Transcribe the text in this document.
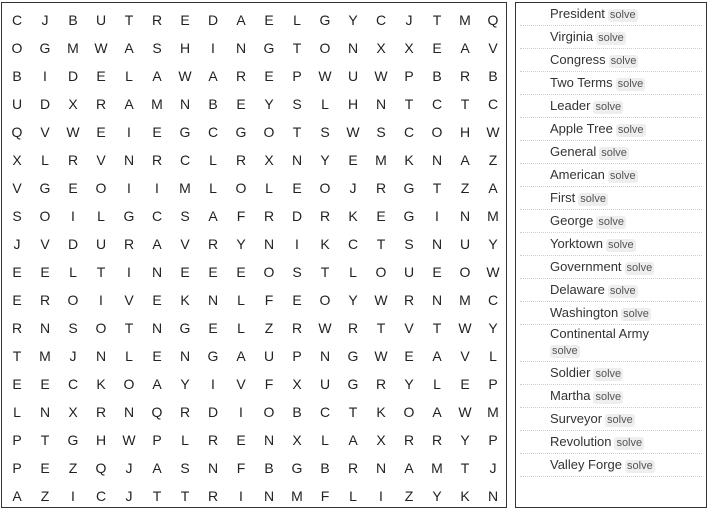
C	J	B	U	T	R	E	D	A	E	L	G	Y	C	J	T	M	Q
O	G	M	W	A	S	H	I	N	G	T	O	N	X	X	E	A	V
B	I	D	E	L	A	W	A	R	E	P	W	U	W	P	B	R	B
U	D	X	R	A	M	N	B	E	Y	S	L	H	N	T	C	T	C
Q	V	W	E	I	E	G	C	G	O	T	S	W	S	C	O	H	W
X	L	R	V	N	R	C	L	R	X	N	Y	E	M	K	N	A	Z
V	G	E	O	I	I	M	L	O	L	E	O	J	R	G	T	Z	A
S	O	I	L	G	C	S	A	F	R	D	R	K	E	G	I	N	M
J	V	D	U	R	A	V	R	Y	N	I	K	C	T	S	N	U	Y
E	E	L	T	I	N	E	E	E	O	S	T	L	O	U	E	O	W
E	R	O	I	V	E	K	N	L	F	E	O	Y	W	R	N	M	C
R	N	S	O	T	N	G	E	L	Z	R	W	R	T	V	T	W	Y
T	M	J	N	L	E	N	G	A	U	P	N	G	W	E	A	V	L
E	E	C	K	O	A	Y	I	V	F	X	U	G	R	Y	L	E	P
L	N	X	R	N	Q	R	D	I	O	B	C	T	K	O	A	W	M
P	T	G	H	W	P	L	R	E	N	X	L	A	X	R	R	Y	P
P	E	Z	Q	J	A	S	N	F	B	G	B	R	N	A	M	T	J
A	Z	I	C	J	T	T	R	I	N	M	F	L	I	Z	Y	K	N
President solve
Virginia solve
Congress solve
Two Terms solve
Leader solve
Apple Tree solve
General solve
American solve
First solve
George solve
Yorktown solve
Government solve
Delaware solve
Washington solve
Continental Army
solve
Soldier solve
Martha solve
Surveyor solve
Revolution solve
Valley Forge solve
